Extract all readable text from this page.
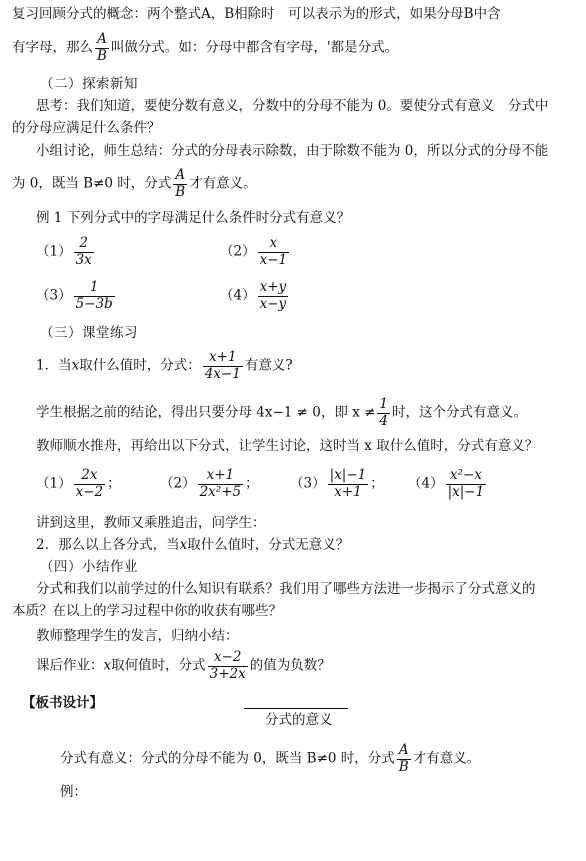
复习回顾分式的概念：两个整式A，B相除时　可以表示为的形式，如果分母B中含
有字母，那么 $\frac{A}{B}$ 叫做分式。如：分母中都含有字母，'都是分式。
（二）探索新知
思考：我们知道，要使分数有意义，分数中的分母不能为 0。要使分式有意义　分式中
的分母应满足什么条件？
小组讨论，师生总结：分式的分母表示除数，由于除数不能为 0，所以分式的分母不能
为 0，既当 B≠0 时，分式 $\frac{A}{B}$ 才有意义。
例 1 下列分式中的字母满足什么条件时分式有意义？
$(1) \frac{2}{3x}$	$(2) \frac{x}{x-1}$
$(3) \frac{1}{5-3b}$	$(4) \frac{x+y}{x-y}$
（三）课堂练习
1．当x取什么值时，分式： $\frac{x+1}{4x-1}$ 有意义?
学生根据之前的结论，得出只要分母 4x−1 ≠ 0，即 $x \ne \frac{1}{4}$ 时，这个分式有意义。
教师顺水推舟，再给出以下分式，让学生讨论，这时当 x 取什么值时，分式有意义？
$(1) \frac{2x}{x-2}$ ；	$(2) \frac{x+1}{\text{2x²+5}}$ ； $(3) \frac{|x|-1}{x+1}$ ； $(4) \frac{\text{x²−x}}{|x|-1}$
讲到这里，教师又乘胜追击，问学生：
2．那么以上各分式，当x取什么值时，分式无意义？
（四）小结作业
分式和我们以前学过的什么知识有联系？我们用了哪些方法进一步揭示了分式意义的
本质？在以上的学习过程中你的收获有哪些？
教师整理学生的发言，归纳小结：
课后作业：x取何值时，分式 $\frac{x-2}{3+2x}$ 的值为负数？
【板书设计】
分式的意义
分式有意义：分式的分母不能为 0，既当 B≠0 时，分式 $\frac{A}{B}$ 才有意义。
例：
